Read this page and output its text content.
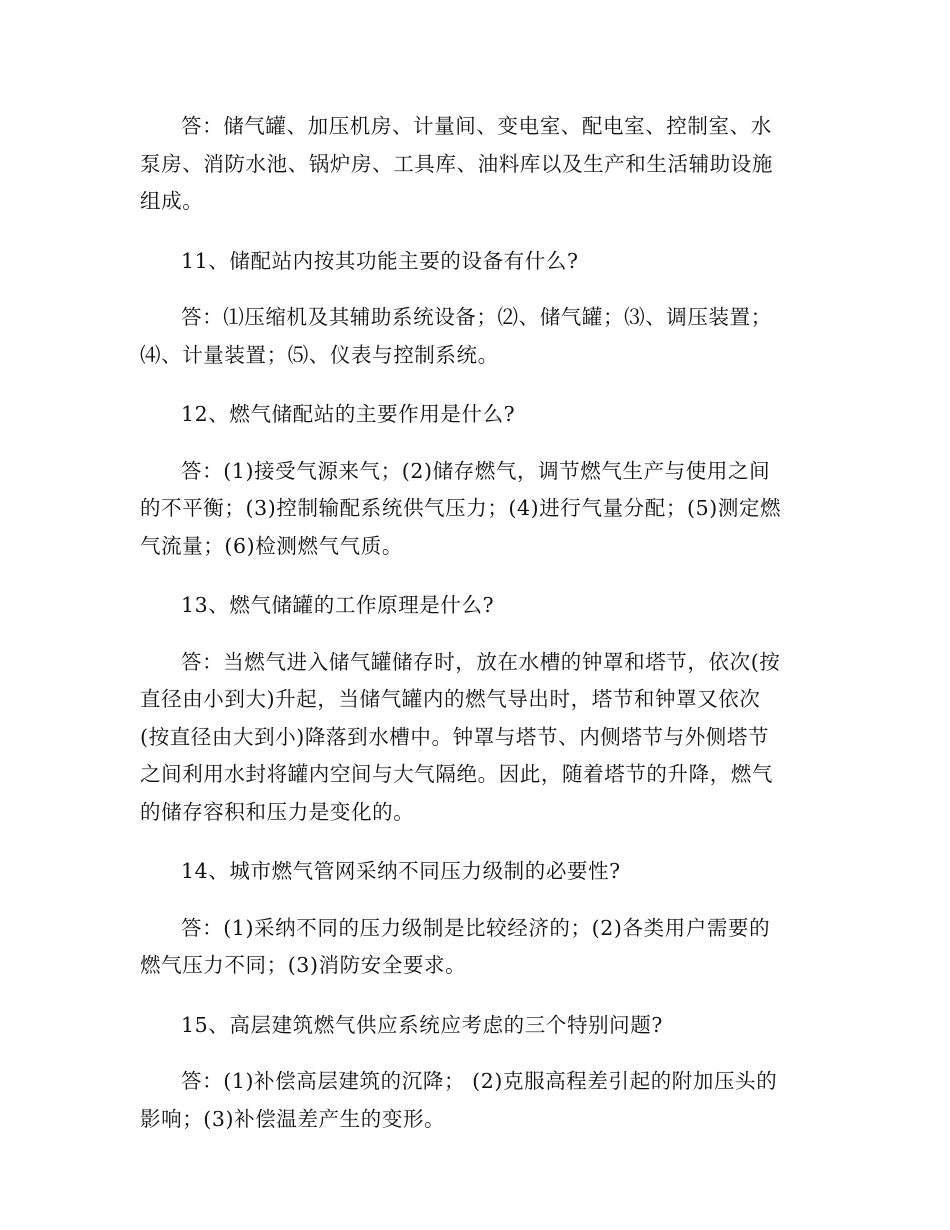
答：储气罐、加压机房、计量间、变电室、配电室、控制室、水
泵房、消防水池、锅炉房、工具库、油料库以及生产和生活辅助设施
组成。

11、储配站内按其功能主要的设备有什么?

答：⑴压缩机及其辅助系统设备；⑵、储气罐；⑶、调压装置；
⑷、计量装置；⑸、仪表与控制系统。

12、燃气储配站的主要作用是什么?

答：(1)接受气源来气；(2)储存燃气，调节燃气生产与使用之间
的不平衡；(3)控制输配系统供气压力；(4)进行气量分配；(5)测定燃
气流量；(6)检测燃气气质。

13、燃气储罐的工作原理是什么?

答：当燃气进入储气罐储存时，放在水槽的钟罩和塔节，依次(按
直径由小到大)升起，当储气罐内的燃气导出时，塔节和钟罩又依次
(按直径由大到小)降落到水槽中。钟罩与塔节、内侧塔节与外侧塔节
之间利用水封将罐内空间与大气隔绝。因此，随着塔节的升降，燃气
的储存容积和压力是变化的。

14、城市燃气管网采纳不同压力级制的必要性?

答：(1)采纳不同的压力级制是比较经济的；(2)各类用户需要的
燃气压力不同；(3)消防安全要求。

15、高层建筑燃气供应系统应考虑的三个特别问题?

答：(1)补偿高层建筑的沉降； (2)克服高程差引起的附加压头的
影响；(3)补偿温差产生的变形。
